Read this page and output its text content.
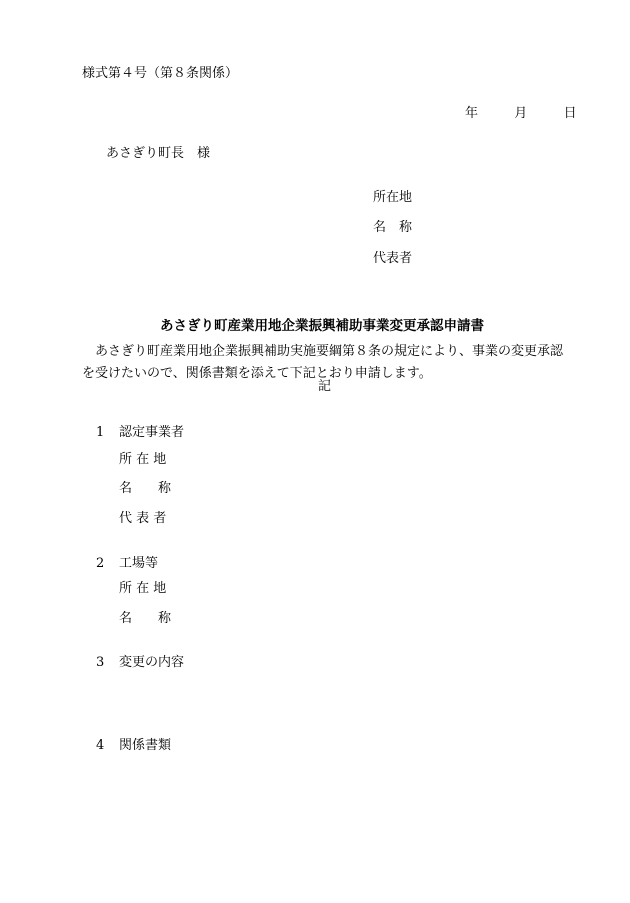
様式第４号（第８条関係）
年	月	日
あさぎり町長　様
所在地
名　称
代表者
あさぎり町産業用地企業振興補助事業変更承認申請書

あさぎり町産業用地企業振興補助実施要綱第８条の規定により、事業の変更承認

を受けたいので、関係書類を添えて下記とおり申請します。

記
1 認定事業者
所 在 地
名　　称
代 表 者
2 工場等
所 在 地
名　　称
3 変更の内容
4 関係書類
